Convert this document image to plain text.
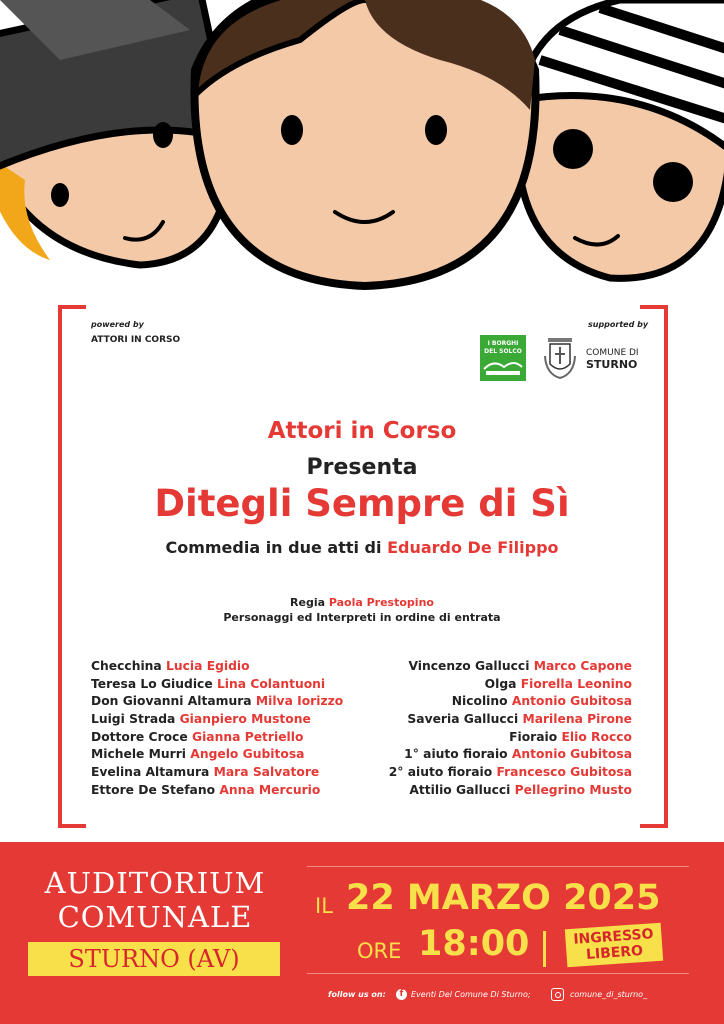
powered by
ATTORI IN CORSO
supported by
I BORGHI
DEL SOLCO	COMUNE DI
STURNO
Attori in Corso
Presenta
Ditegli Sempre di Sì
Commedia in due atti di Eduardo De Filippo
Regia Paola Prestopino
Personaggi ed Interpreti in ordine di entrata
Checchina Lucia Egidio
Teresa Lo Giudice Lina Colantuoni
Don Giovanni Altamura Milva Iorizzo
Luigi Strada Gianpiero Mustone
Dottore Croce Gianna Petriello
Michele Murri Angelo Gubitosa
Evelina Altamura Mara Salvatore
Ettore De Stefano Anna Mercurio
Vincenzo Gallucci Marco Capone
Olga Fiorella Leonino
Nicolino Antonio Gubitosa
Saveria Gallucci Marilena Pirone
Fioraio Elio Rocco
1° aiuto fioraio Antonio Gubitosa
2° aiuto fioraio Francesco Gubitosa
Attilio Gallucci Pellegrino Musto
AUDITORIUM
COMUNALE
STURNO (AV)
IL 22 MARZO 2025
ORE 18:00	INGRESSO
LIBERO
follow us on:	f Eventi Del Comune Di Sturno;	comune_di_sturno_
